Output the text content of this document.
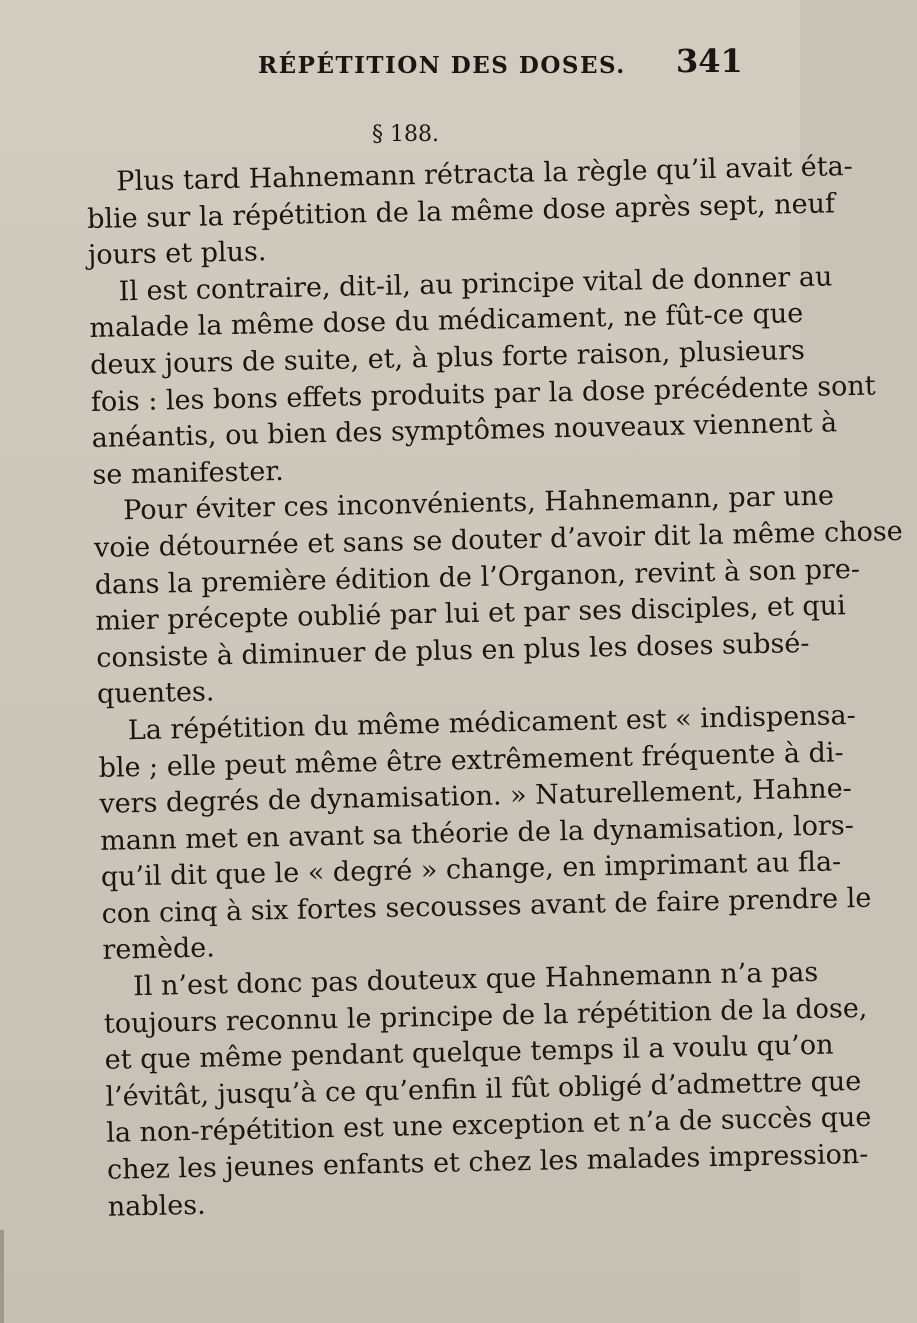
RÉPÉTITION DES DOSES. 341
§ 188.
Plus tard Hahnemann rétracta la règle qu’il avait éta-
blie sur la répétition de la même dose après sept, neuf
jours et plus.
Il est contraire, dit-il, au principe vital de donner au
malade la même dose du médicament, ne fût-ce que
deux jours de suite, et, à plus forte raison, plusieurs
fois : les bons effets produits par la dose précédente sont
anéantis, ou bien des symptômes nouveaux viennent à
se manifester.
Pour éviter ces inconvénients, Hahnemann, par une
voie détournée et sans se douter d’avoir dit la même chose
dans la première édition de l’Organon, revint à son pre-
mier précepte oublié par lui et par ses disciples, et qui
consiste à diminuer de plus en plus les doses subsé-
quentes.
La répétition du même médicament est « indispensa-
ble ; elle peut même être extrêmement fréquente à di-
vers degrés de dynamisation. » Naturellement, Hahne-
mann met en avant sa théorie de la dynamisation, lors-
qu’il dit que le « degré » change, en imprimant au fla-
con cinq à six fortes secousses avant de faire prendre le
remède.
Il n’est donc pas douteux que Hahnemann n’a pas
toujours reconnu le principe de la répétition de la dose,
et que même pendant quelque temps il a voulu qu’on
l’évitât, jusqu’à ce qu’enfin il fût obligé d’admettre que
la non-répétition est une exception et n’a de succès que
chez les jeunes enfants et chez les malades impression-
nables.
